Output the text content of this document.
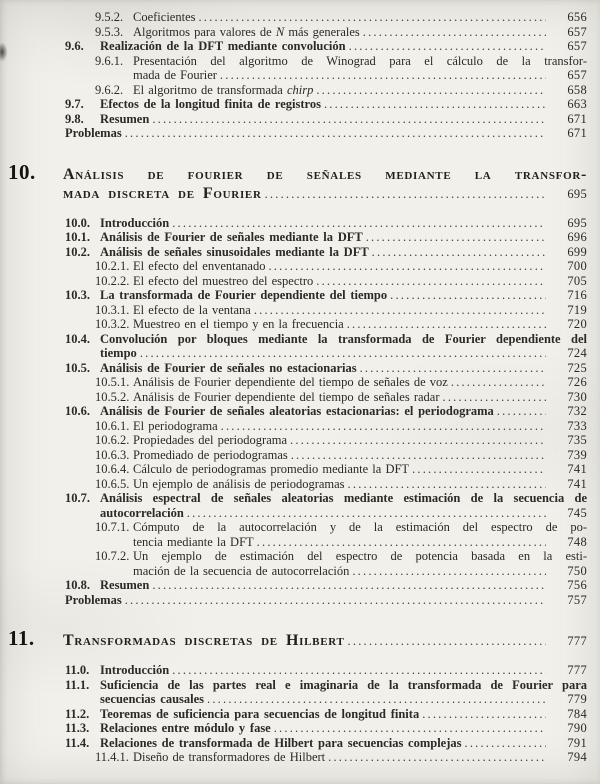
9.5.2. Coeficientes .....	656
9.5.3. Algoritmos para valores de N más generales .....	657
9.6.	Realización de la DFT mediante convolución .....	657
9.6.1. Presentación del algoritmo de Winograd para el cálculo de la transfor-
mada de Fourier .....	657
9.6.2. El algoritmo de transformada chirp .....	658
9.7.	Efectos de la longitud finita de registros .....	663
9.8.	Resumen .....	671
Problemas .....	671
10.	Análisis de fourier de señales mediante la transfor-
mada discreta de Fourier .....	695
10.0. Introducción .....	695
10.1. Análisis de Fourier de señales mediante la DFT .....	696
10.2. Análisis de señales sinusoidales mediante la DFT .....	699
10.2.1. El efecto del enventanado .....	700
10.2.2. El efecto del muestreo del espectro .....	705
10.3. La transformada de Fourier dependiente del tiempo .....	716
10.3.1. El efecto de la ventana .....	719
10.3.2. Muestreo en el tiempo y en la frecuencia .....	720
10.4. Convolución por bloques mediante la transformada de Fourier dependiente del
tiempo .....	724
10.5. Análisis de Fourier de señales no estacionarias .....	725
10.5.1. Análisis de Fourier dependiente del tiempo de señales de voz .....	726
10.5.2. Análisis de Fourier dependiente del tiempo de señales radar .....	730
10.6. Análisis de Fourier de señales aleatorias estacionarias: el periodograma .....	732
10.6.1. El periodograma .....	733
10.6.2. Propiedades del periodograma .....	735
10.6.3. Promediado de periodogramas .....	739
10.6.4. Cálculo de periodogramas promedio mediante la DFT .....	741
10.6.5. Un ejemplo de análisis de periodogramas .....	741
10.7. Análisis espectral de señales aleatorias mediante estimación de la secuencia de
autocorrelación .....	745
10.7.1. Cómputo de la autocorrelación y de la estimación del espectro de po-
tencia mediante la DFT .....	748
10.7.2. Un ejemplo de estimación del espectro de potencia basada en la esti-
mación de la secuencia de autocorrelación .....	750
10.8. Resumen .....	756
Problemas .....	757
11.	Transformadas discretas de Hilbert .....	777
11.0. Introducción .....	777
11.1. Suficiencia de las partes real e imaginaria de la transformada de Fourier para
secuencias causales .....	779
11.2. Teoremas de suficiencia para secuencias de longitud finita .....	784
11.3. Relaciones entre módulo y fase .....	790
11.4. Relaciones de transformada de Hilbert para secuencias complejas .....	791
11.4.1. Diseño de transformadores de Hilbert .....	794
